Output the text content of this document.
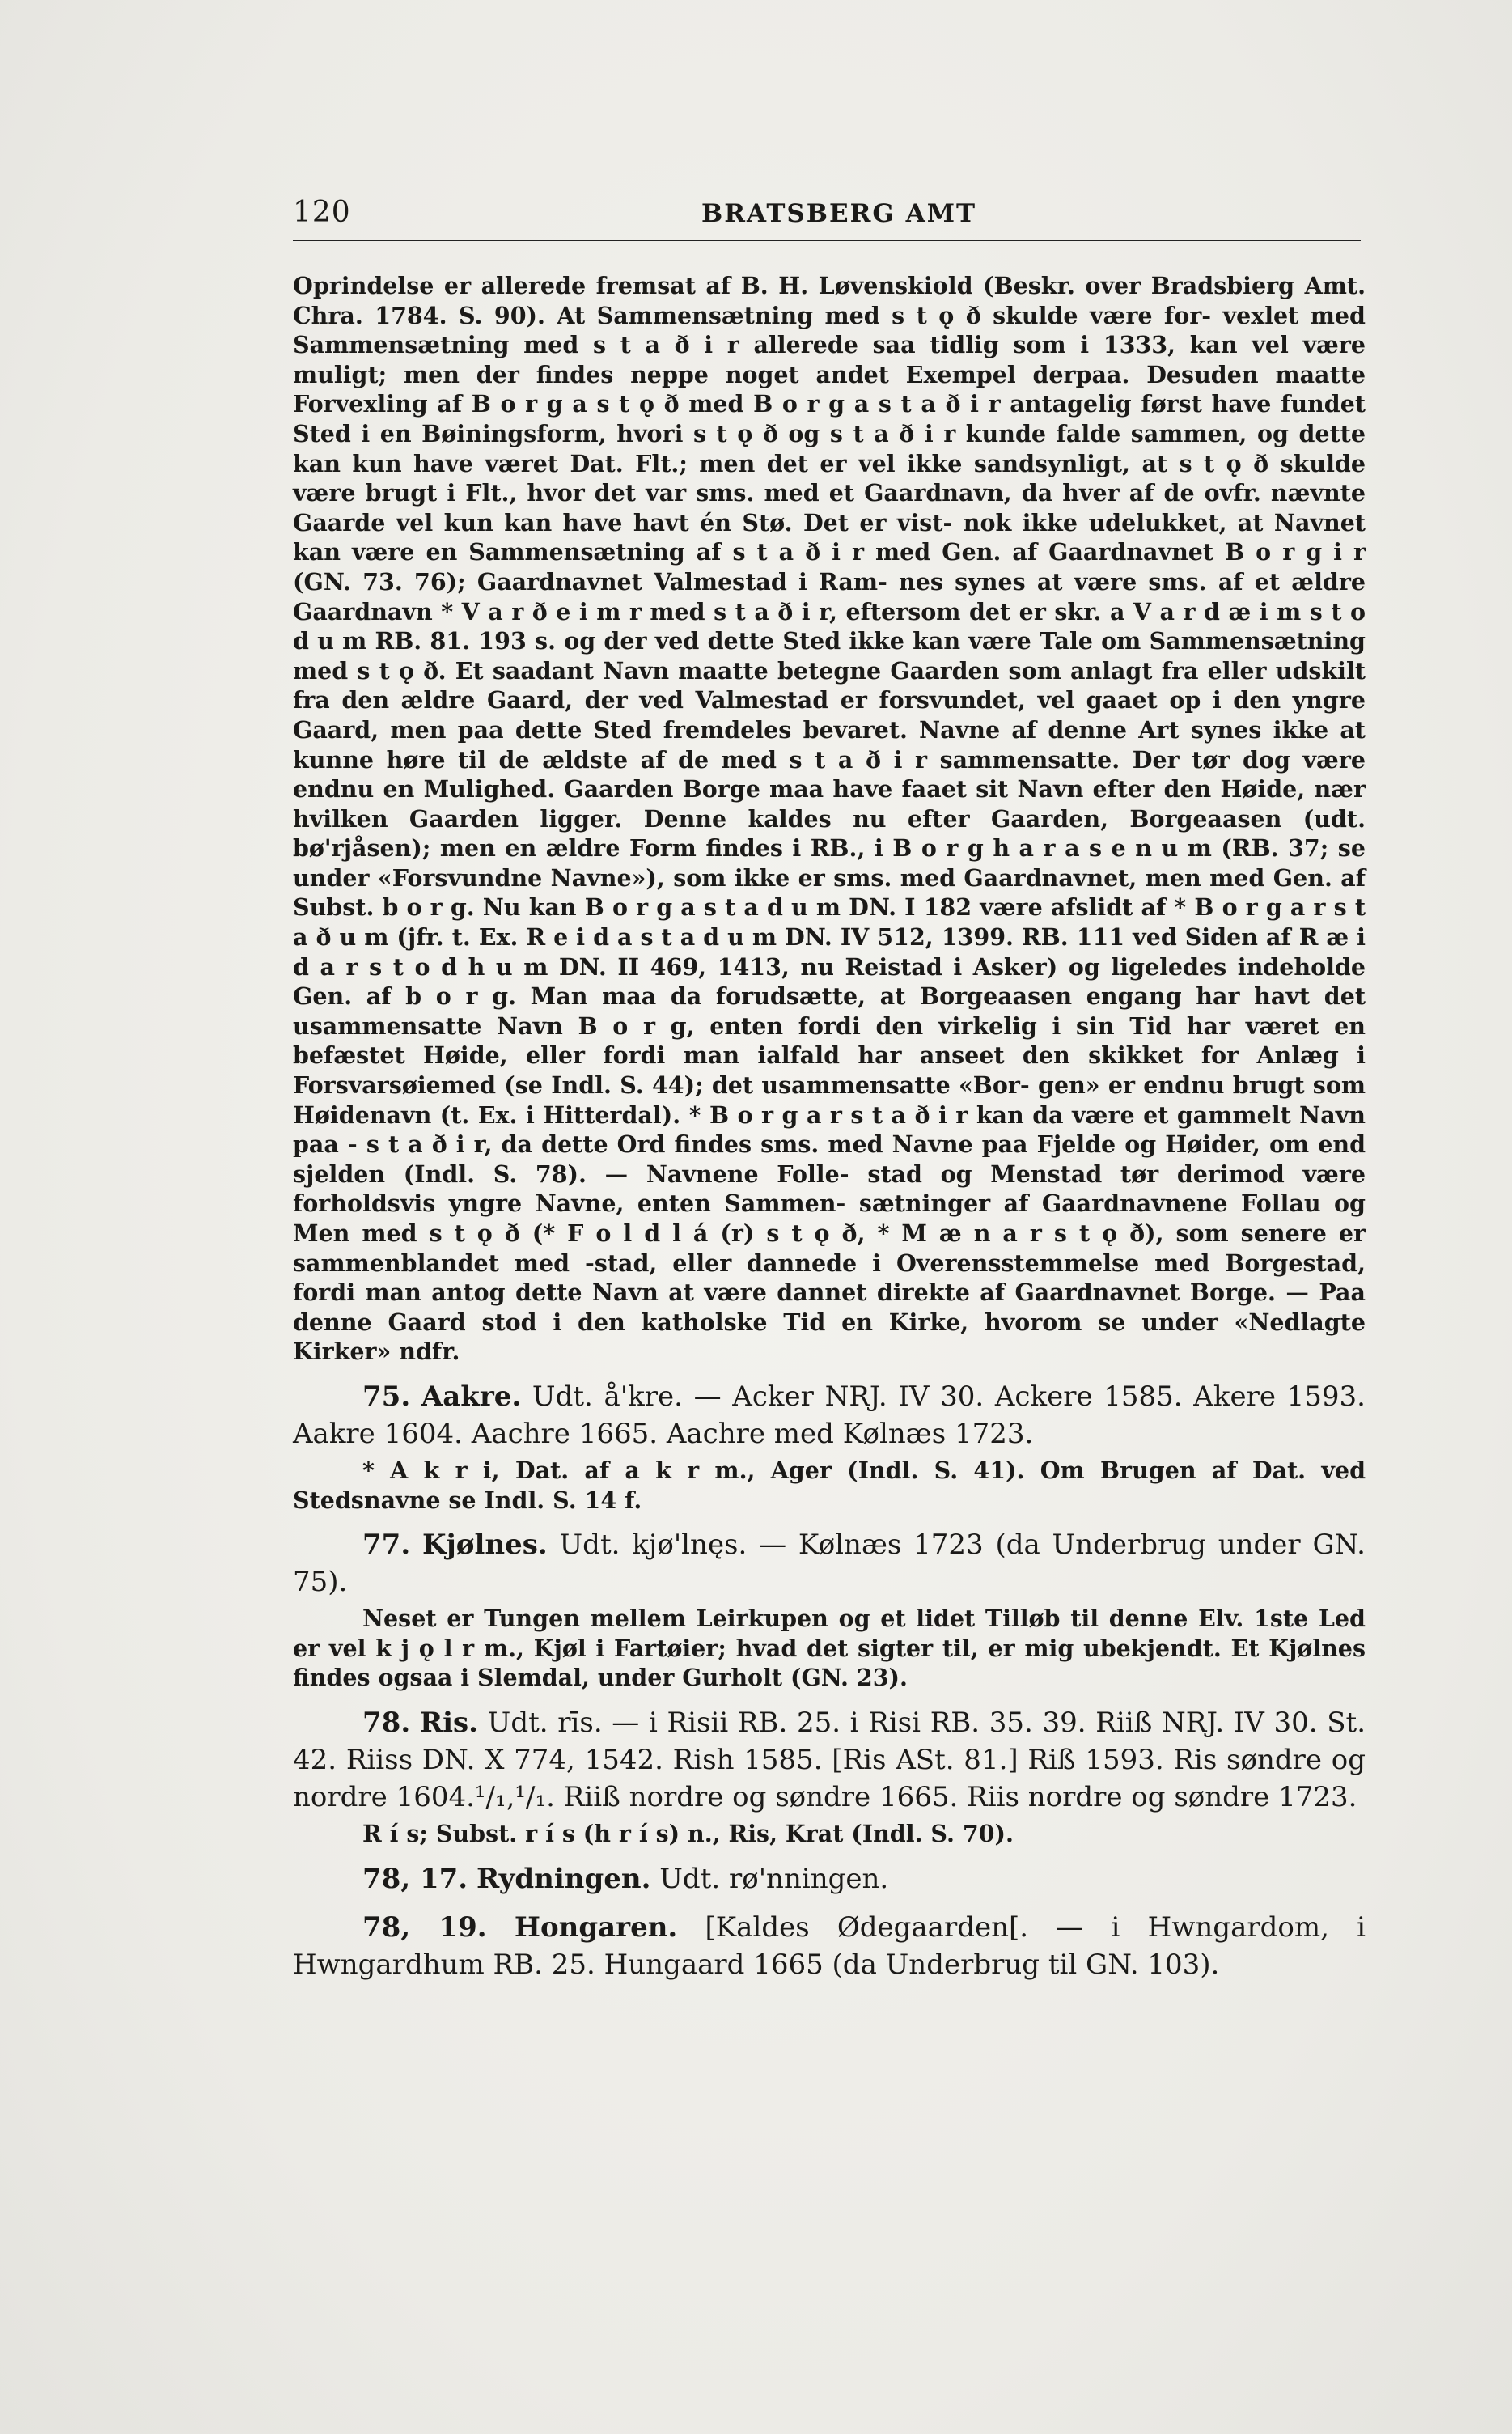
120	BRATSBERG AMT

Oprindelse er allerede fremsat af B. H. Løvenskiold (Beskr. over Bradsbierg Amt. Chra. 1784. S. 90). At Sammensætning med s t ǫ ð skulde være for- vexlet med Sammensætning med s t a ð i r allerede saa tidlig som i 1333, kan vel være muligt; men der findes neppe noget andet Exempel derpaa. Desuden maatte Forvexling af B o r g a s t ǫ ð med B o r g a s t a ð i r antagelig først have fundet Sted i en Bøiningsform, hvori s t ǫ ð og s t a ð i r kunde falde sammen, og dette kan kun have været Dat. Flt.; men det er vel ikke sandsynligt, at s t ǫ ð skulde være brugt i Flt., hvor det var sms. med et Gaardnavn, da hver af de ovfr. nævnte Gaarde vel kun kan have havt én Stø. Det er vist- nok ikke udelukket, at Navnet kan være en Sammensætning af s t a ð i r med Gen. af Gaardnavnet B o r g i r (GN. 73. 76); Gaardnavnet Valmestad i Ram- nes synes at være sms. af et ældre Gaardnavn * V a r ð e i m r med s t a ð i r, eftersom det er skr. a V a r d æ i m s t o d u m RB. 81. 193 s. og der ved dette Sted ikke kan være Tale om Sammensætning med s t ǫ ð. Et saadant Navn maatte betegne Gaarden som anlagt fra eller udskilt fra den ældre Gaard, der ved Valmestad er forsvundet, vel gaaet op i den yngre Gaard, men paa dette Sted fremdeles bevaret. Navne af denne Art synes ikke at kunne høre til de ældste af de med s t a ð i r sammensatte. Der tør dog være endnu en Mulighed. Gaarden Borge maa have faaet sit Navn efter den Høide, nær hvilken Gaarden ligger. Denne kaldes nu efter Gaarden, Borgeaasen (udt. bø'rjåsen); men en ældre Form findes i RB., i B o r g h a r a s e n u m (RB. 37; se under «Forsvundne Navne»), som ikke er sms. med Gaardnavnet, men med Gen. af Subst. b o r g. Nu kan B o r g a s t a d u m DN. I 182 være afslidt af * B o r g a r s t a ð u m (jfr. t. Ex. R e i d a s t a d u m DN. IV 512, 1399. RB. 111 ved Siden af R æ i d a r s t o d h u m DN. II 469, 1413, nu Reistad i Asker) og ligeledes indeholde Gen. af b o r g. Man maa da forudsætte, at Borgeaasen engang har havt det usammensatte Navn B o r g, enten fordi den virkelig i sin Tid har været en befæstet Høide, eller fordi man ialfald har anseet den skikket for Anlæg i Forsvarsøiemed (se Indl. S. 44); det usammensatte «Bor- gen» er endnu brugt som Høidenavn (t. Ex. i Hitterdal). * B o r g a r s t a ð i r kan da være et gammelt Navn paa - s t a ð i r, da dette Ord findes sms. med Navne paa Fjelde og Høider, om end sjelden (Indl. S. 78). — Navnene Folle- stad og Menstad tør derimod være forholdsvis yngre Navne, enten Sammen- sætninger af Gaardnavnene Follau og Men med s t ǫ ð (* F o l d l á (r) s t ǫ ð, * M æ n a r s t ǫ ð), som senere er sammenblandet med -stad, eller dannede i Overensstemmelse med Borgestad, fordi man antog dette Navn at være dannet direkte af Gaardnavnet Borge. — Paa denne Gaard stod i den katholske Tid en Kirke, hvorom se under «Nedlagte Kirker» ndfr.

75. Aakre. Udt. å'kre. — Acker NRJ. IV 30. Ackere 1585. Akere 1593. Aakre 1604. Aachre 1665. Aachre med Kølnæs 1723.

* A k r i, Dat. af a k r m., Ager (Indl. S. 41). Om Brugen af Dat. ved Stedsnavne se Indl. S. 14 f.

77. Kjølnes. Udt. kjø'lnęs. — Kølnæs 1723 (da Underbrug under GN. 75).

Neset er Tungen mellem Leirkupen og et lidet Tilløb til denne Elv. 1ste Led er vel k j ǫ l r m., Kjøl i Fartøier; hvad det sigter til, er mig ubekjendt. Et Kjølnes findes ogsaa i Slemdal, under Gurholt (GN. 23).

78. Ris. Udt. rīs. — i Risii RB. 25. i Risi RB. 35. 39. Riiß NRJ. IV 30. St. 42. Riiss DN. X 774, 1542. Rish 1585. [Ris ASt. 81.] Riß 1593. Ris søndre og nordre 1604.¹/₁,¹/₁. Riiß nordre og søndre 1665. Riis nordre og søndre 1723.

R í s; Subst. r í s (h r í s) n., Ris, Krat (Indl. S. 70).

78, 17. Rydningen. Udt. rø'nningen.

78, 19. Hongaren. [Kaldes Ødegaarden[. — i Hwngardom, i Hwngardhum RB. 25. Hungaard 1665 (da Underbrug til GN. 103).
